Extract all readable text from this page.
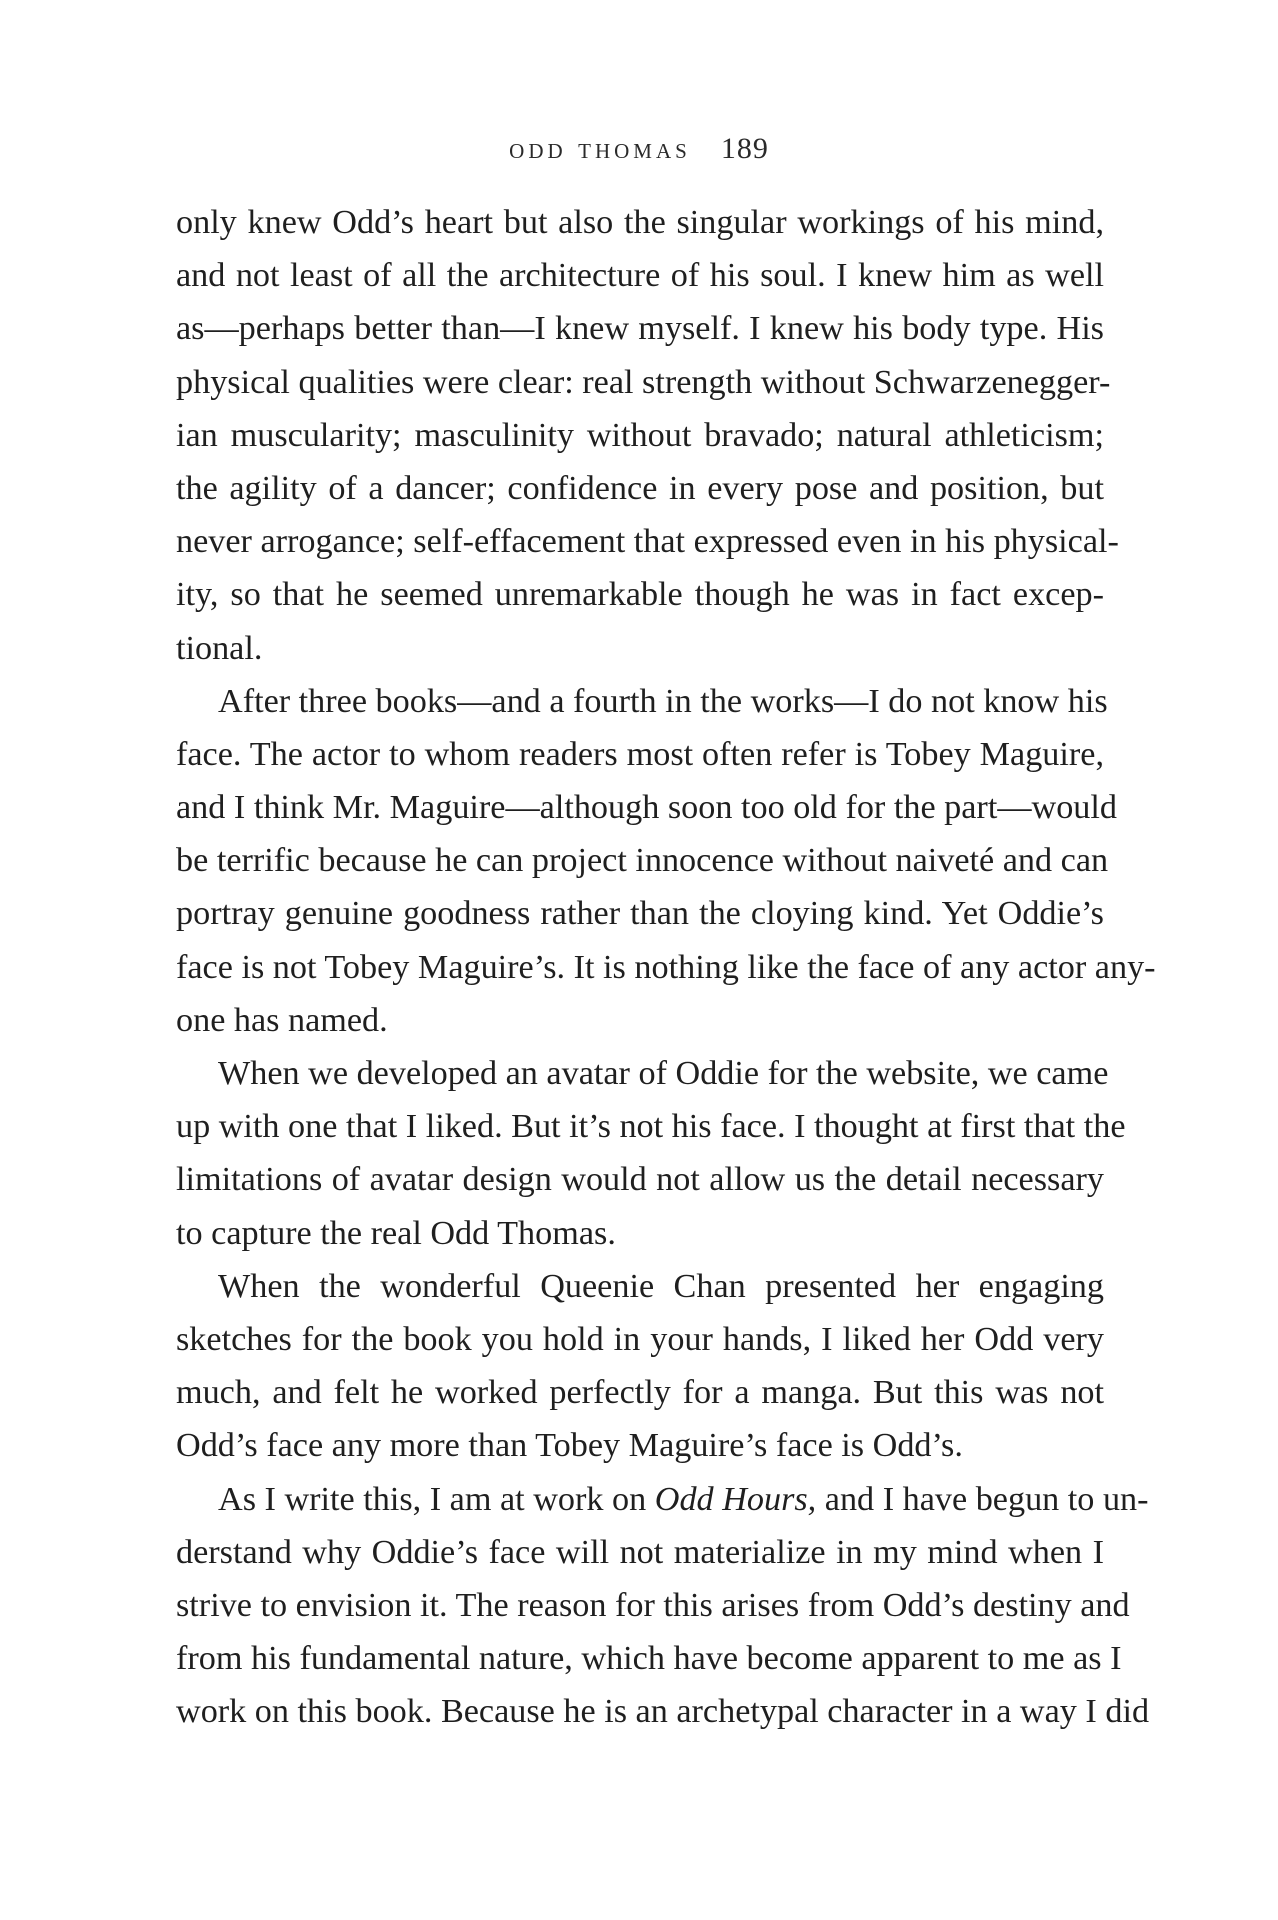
odd thomas 189
only knew Odd’s heart but also the singular workings of his mind,
and not least of all the architecture of his soul. I knew him as well
as—perhaps better than—I knew myself. I knew his body type. His
physical qualities were clear: real strength without Schwarzenegger-
ian muscularity; masculinity without bravado; natural athleticism;
the agility of a dancer; confidence in every pose and position, but
never arrogance; self-effacement that expressed even in his physical-
ity, so that he seemed unremarkable though he was in fact excep-
tional.
After three books—and a fourth in the works—I do not know his
face. The actor to whom readers most often refer is Tobey Maguire,
and I think Mr. Maguire—although soon too old for the part—would
be terrific because he can project innocence without naiveté and can
portray genuine goodness rather than the cloying kind. Yet Oddie’s
face is not Tobey Maguire’s. It is nothing like the face of any actor any-
one has named.
When we developed an avatar of Oddie for the website, we came
up with one that I liked. But it’s not his face. I thought at first that the
limitations of avatar design would not allow us the detail necessary
to capture the real Odd Thomas.
When the wonderful Queenie Chan presented her engaging
sketches for the book you hold in your hands, I liked her Odd very
much, and felt he worked perfectly for a manga. But this was not
Odd’s face any more than Tobey Maguire’s face is Odd’s.
As I write this, I am at work on Odd Hours, and I have begun to un-
derstand why Oddie’s face will not materialize in my mind when I
strive to envision it. The reason for this arises from Odd’s destiny and
from his fundamental nature, which have become apparent to me as I
work on this book. Because he is an archetypal character in a way I did
